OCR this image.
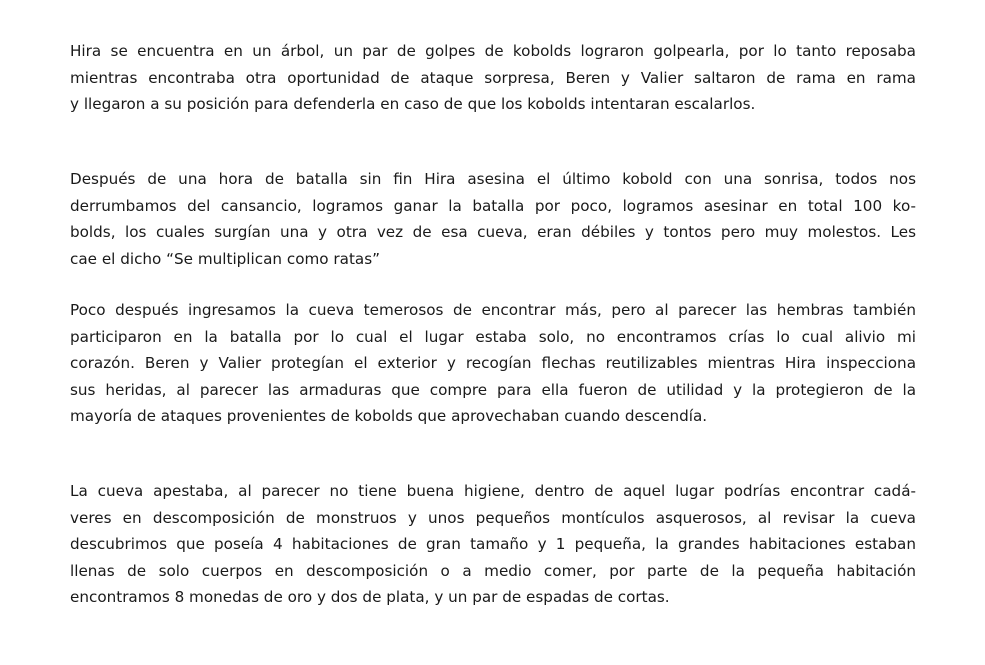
Hira se encuentra en un árbol, un par de golpes de kobolds lograron golpearla, por lo tanto reposaba
mientras encontraba otra oportunidad de ataque sorpresa, Beren y Valier saltaron de rama en rama
y llegaron a su posición para defenderla en caso de que los kobolds intentaran escalarlos.

Después de una hora de batalla sin fin Hira asesina el último kobold con una sonrisa, todos nos
derrumbamos del cansancio, logramos ganar la batalla por poco, logramos asesinar en total 100 ko-
bolds, los cuales surgían una y otra vez de esa cueva, eran débiles y tontos pero muy molestos. Les
cae el dicho “Se multiplican como ratas”

Poco después ingresamos la cueva temerosos de encontrar más, pero al parecer las hembras también
participaron en la batalla por lo cual el lugar estaba solo, no encontramos crías lo cual alivio mi
corazón. Beren y Valier protegían el exterior y recogían flechas reutilizables mientras Hira inspecciona
sus heridas, al parecer las armaduras que compre para ella fueron de utilidad y la protegieron de la
mayoría de ataques provenientes de kobolds que aprovechaban cuando descendía.

La cueva apestaba, al parecer no tiene buena higiene, dentro de aquel lugar podrías encontrar cadá-
veres en descomposición de monstruos y unos pequeños montículos asquerosos, al revisar la cueva
descubrimos que poseía 4 habitaciones de gran tamaño y 1 pequeña, la grandes habitaciones estaban
llenas de solo cuerpos en descomposición o a medio comer, por parte de la pequeña habitación
encontramos 8 monedas de oro y dos de plata, y un par de espadas de cortas.
